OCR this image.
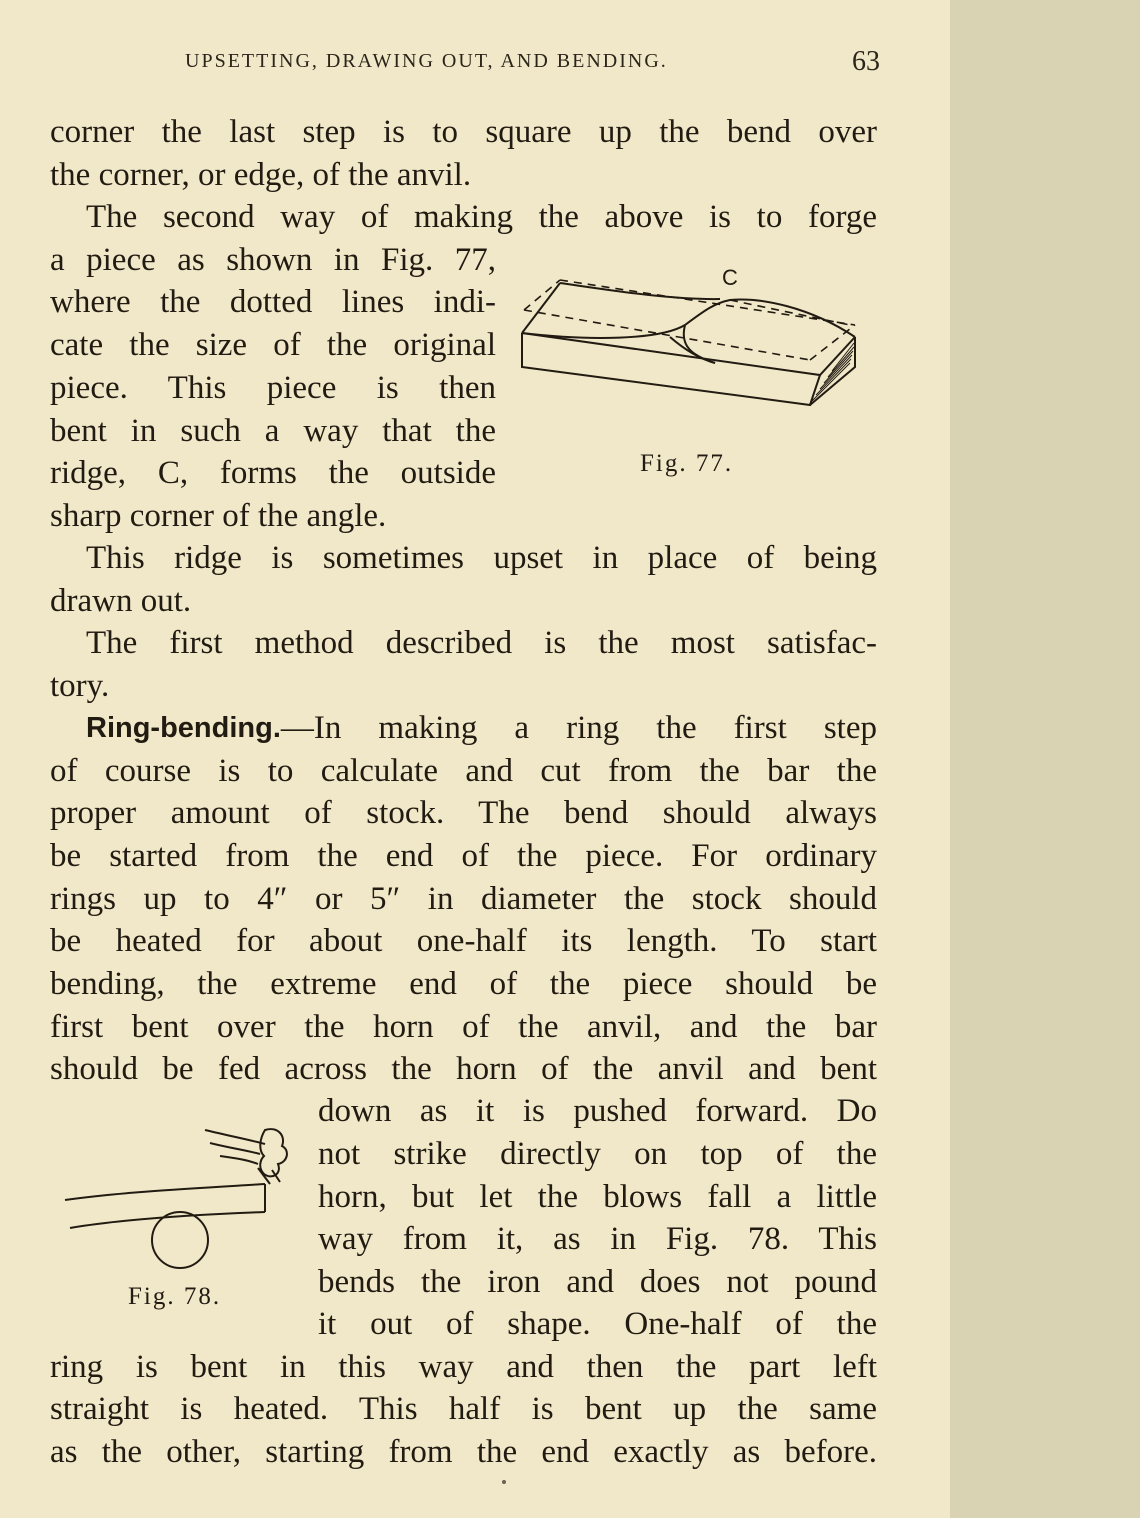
UPSETTING, DRAWING OUT, AND BENDING.	63
corner the last step is to square up the bend over
the corner, or edge, of the anvil.
The second way of making the above is to forge
a piece as shown in Fig. 77,
where the dotted lines indi-
cate the size of the original
piece. This piece is then
bent in such a way that the
ridge, C, forms the outside
sharp corner of the angle.
C
Fig. 77.
This ridge is sometimes upset in place of being
drawn out.
The first method described is the most satisfac-
tory.
Ring-bending. —In making a ring the first step
of course is to calculate and cut from the bar the
proper amount of stock. The bend should always
be started from the end of the piece. For ordinary
rings up to 4″ or 5″ in diameter the stock should
be heated for about one-half its length. To start
bending, the extreme end of the piece should be
first bent over the horn of the anvil, and the bar
should be fed across the horn of the anvil and bent
down as it is pushed forward. Do
not strike directly on top of the
horn, but let the blows fall a little
way from it, as in Fig. 78. This
bends the iron and does not pound
it out of shape. One-half of the
Fig. 78.
ring is bent in this way and then the part left
straight is heated. This half is bent up the same
as the other, starting from the end exactly as before.
